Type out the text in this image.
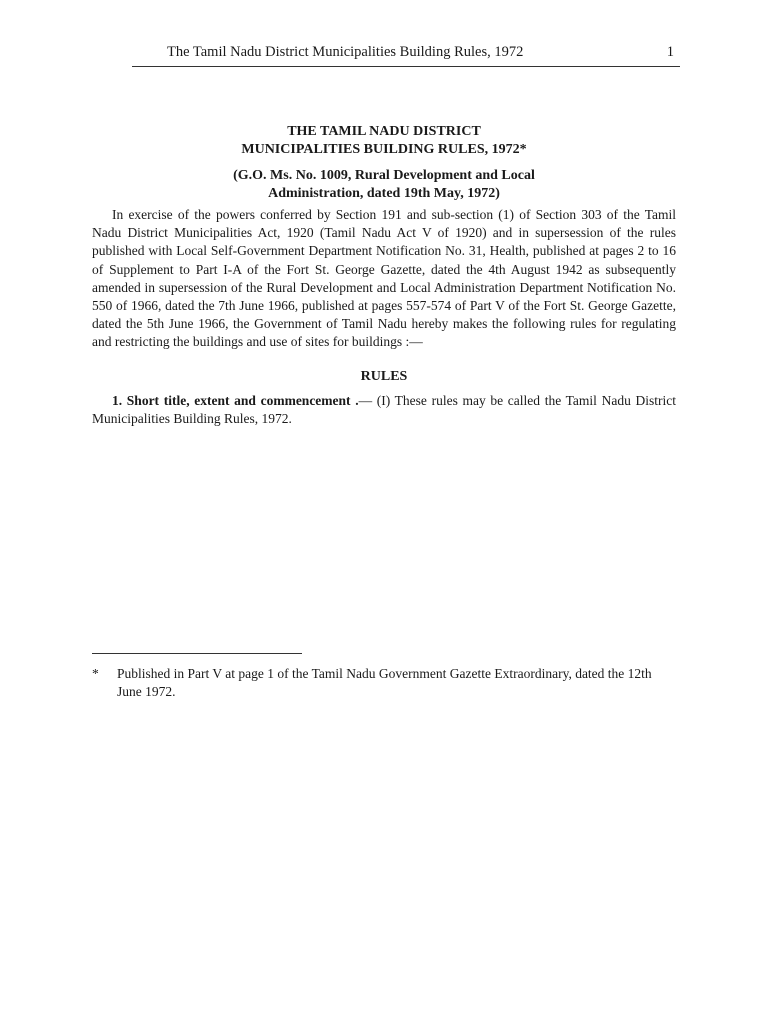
The Tamil Nadu District Municipalities Building Rules, 1972	1
THE TAMIL NADU DISTRICT
MUNICIPALITIES BUILDING RULES, 1972*
(G.O. Ms. No. 1009, Rural Development and Local
Administration, dated 19th May, 1972)

In exercise of the powers conferred by Section 191 and sub-section (1) of Section 303 of the Tamil Nadu District Municipalities Act, 1920 (Tamil Nadu Act V of 1920) and in supersession of the rules published with Local Self-Government Department Notification No. 31, Health, published at pages 2 to 16 of Supplement to Part I-A of the Fort St. George Gazette, dated the 4th August 1942 as subsequently amended in supersession of the Rural Development and Local Administration Department Notification No. 550 of 1966, dated the 7th June 1966, published at pages 557-574 of Part V of the Fort St. George Gazette, dated the 5th June 1966, the Government of Tamil Nadu hereby makes the following rules for regulating and restricting the buildings and use of sites for buildings :—

RULES

1. Short title, extent and commencement .— (I) These rules may be called the Tamil Nadu District Municipalities Building Rules, 1972.

* Published in Part V at page 1 of the Tamil Nadu Government Gazette Extraordinary, dated the 12th June 1972.
